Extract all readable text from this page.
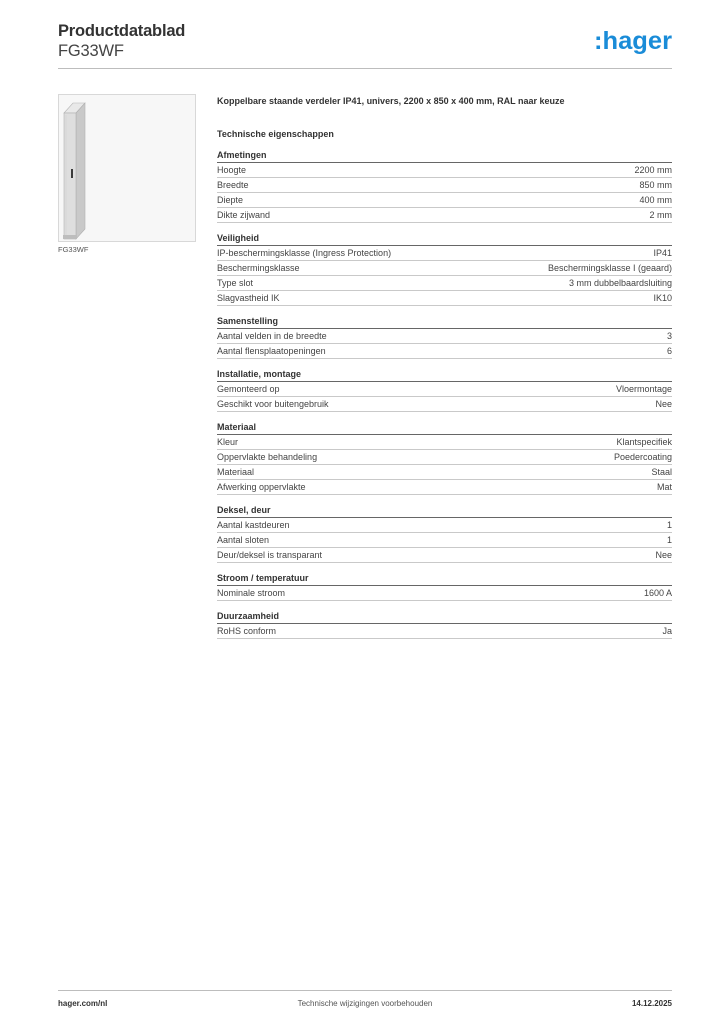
Productdatablad
FG33WF	:hager
FG33WF
Koppelbare staande verdeler IP41, univers, 2200 x 850 x 400 mm, RAL naar keuze
Technische eigenschappen
Afmetingen
Hoogte	2200 mm
Breedte	850 mm
Diepte	400 mm
Dikte zijwand	2 mm
Veiligheid
IP-beschermingsklasse (Ingress Protection)	IP41
Beschermingsklasse	Beschermingsklasse I (geaard)
Type slot	3 mm dubbelbaardsluiting
Slagvastheid IK	IK10
Samenstelling
Aantal velden in de breedte	3
Aantal flensplaatopeningen	6
Installatie, montage
Gemonteerd op	Vloermontage
Geschikt voor buitengebruik	Nee
Materiaal
Kleur	Klantspecifiek
Oppervlakte behandeling	Poedercoating
Materiaal	Staal
Afwerking oppervlakte	Mat
Deksel, deur
Aantal kastdeuren	1
Aantal sloten	1
Deur/deksel is transparant	Nee
Stroom / temperatuur
Nominale stroom	1600 A
Duurzaamheid
RoHS conform	Ja
hager.com/nl	Technische wijzigingen voorbehouden	14.12.2025
